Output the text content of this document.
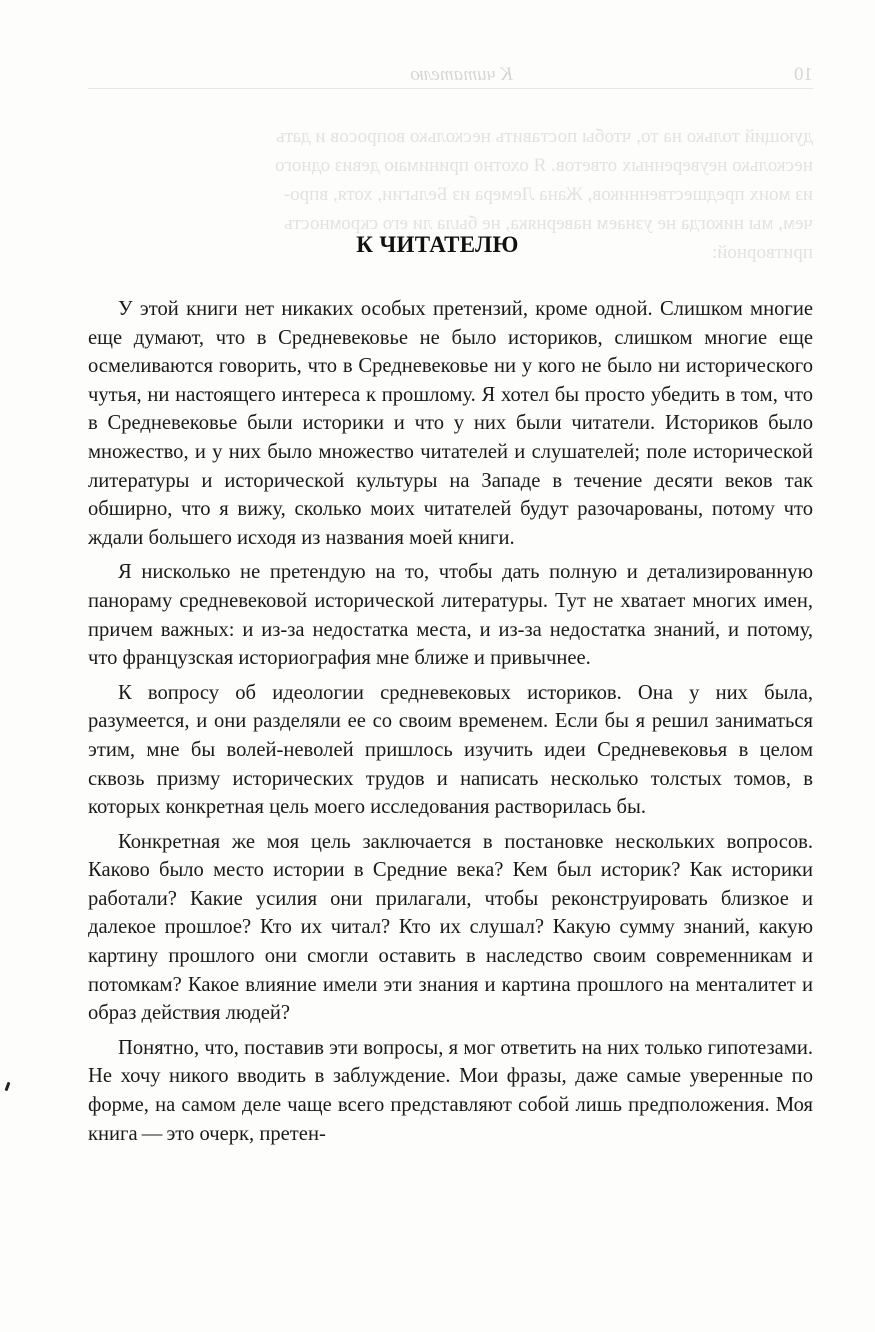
10
К читателю

дующий только на то, чтобы поставить несколько вопросов и дать

несколько неуверенных ответов. Я охотно принимаю девиз одного

из моих предшественников, Жана Лемера из Бельгии, хотя, впро-

чем, мы никогда не узнаем наверняка, не была ли его скромность

притворной:

К ЧИТАТЕЛЮ

У этой книги нет никаких особых претензий, кроме одной. Слишком многие еще думают, что в Средневековье не было историков, слишком многие еще осмеливаются говорить, что в Средневековье ни у кого не было ни исторического чутья, ни настоящего интереса к прошлому. Я хотел бы просто убедить в том, что в Средневековье были историки и что у них были читатели. Историков было множество, и у них было множество читателей и слушателей; поле исторической литературы и исторической культуры на Западе в течение десяти веков так обширно, что я вижу, сколько моих читателей будут разочарованы, потому что ждали большего исходя из названия моей книги.

Я нисколько не претендую на то, чтобы дать полную и детализированную панораму средневековой исторической литературы. Тут не хватает многих имен, причем важных: и из-за недостатка места, и из-за недостатка знаний, и потому, что французская историография мне ближе и привычнее.

К вопросу об идеологии средневековых историков. Она у них была, разумеется, и они разделяли ее со своим временем. Если бы я решил заниматься этим, мне бы волей-неволей пришлось изучить идеи Средневековья в целом сквозь призму исторических трудов и написать несколько толстых томов, в которых конкретная цель моего исследования растворилась бы.

Конкретная же моя цель заключается в постановке нескольких вопросов. Каково было место истории в Средние века? Кем был историк? Как историки работали? Какие усилия они прилагали, чтобы реконструировать близкое и далекое прошлое? Кто их читал? Кто их слушал? Какую сумму знаний, какую картину прошлого они смогли оставить в наследство своим современникам и потомкам? Какое влияние имели эти знания и картина прошлого на менталитет и образ действия людей?

Понятно, что, поставив эти вопросы, я мог ответить на них только гипотезами. Не хочу никого вводить в заблуждение. Мои фразы, даже самые уверенные по форме, на самом деле чаще всего представляют собой лишь предположения. Моя книга — это очерк, претен-
